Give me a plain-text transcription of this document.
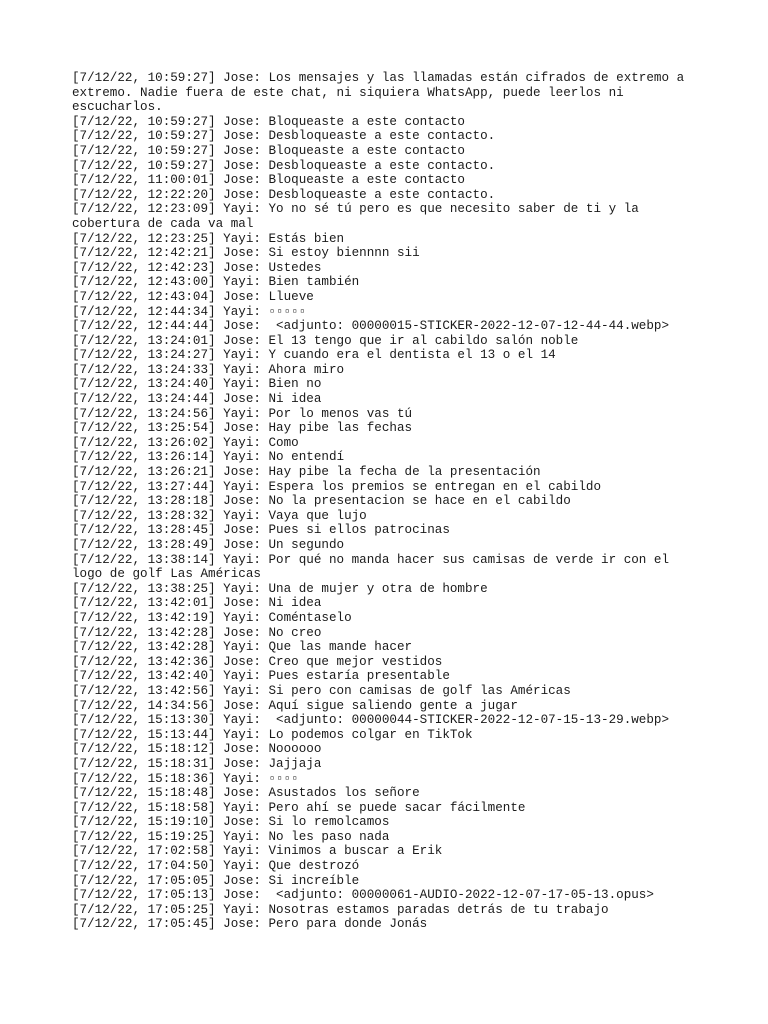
[7/12/22, 10:59:27] Jose: Los mensajes y las llamadas están cifrados de extremo a extremo. Nadie fuera de este chat, ni siquiera WhatsApp, puede leerlos ni escucharlos.
[7/12/22, 10:59:27] Jose: Bloqueaste a este contacto
[7/12/22, 10:59:27] Jose: Desbloqueaste a este contacto.
[7/12/22, 10:59:27] Jose: Bloqueaste a este contacto
[7/12/22, 10:59:27] Jose: Desbloqueaste a este contacto.
[7/12/22, 11:00:01] Jose: Bloqueaste a este contacto
[7/12/22, 12:22:20] Jose: Desbloqueaste a este contacto.
[7/12/22, 12:23:09] Yayi: Yo no sé tú pero es que necesito saber de ti y la cobertura de cada va mal
[7/12/22, 12:23:25] Yayi: Estás bien
[7/12/22, 12:42:21] Jose: Si estoy biennnn sii
[7/12/22, 12:42:23] Jose: Ustedes
[7/12/22, 12:43:00] Yayi: Bien también
[7/12/22, 12:43:04] Jose: Llueve
[7/12/22, 12:44:34] Yayi: ▫▫▫▫▫
[7/12/22, 12:44:44] Jose:  <adjunto: 00000015-STICKER-2022-12-07-12-44-44.webp>
[7/12/22, 13:24:01] Jose: El 13 tengo que ir al cabildo salón noble
[7/12/22, 13:24:27] Yayi: Y cuando era el dentista el 13 o el 14
[7/12/22, 13:24:33] Yayi: Ahora miro
[7/12/22, 13:24:40] Yayi: Bien no
[7/12/22, 13:24:44] Jose: Ni idea
[7/12/22, 13:24:56] Yayi: Por lo menos vas tú
[7/12/22, 13:25:54] Jose: Hay pibe las fechas
[7/12/22, 13:26:02] Yayi: Como
[7/12/22, 13:26:14] Yayi: No entendí
[7/12/22, 13:26:21] Jose: Hay pibe la fecha de la presentación
[7/12/22, 13:27:44] Yayi: Espera los premios se entregan en el cabildo
[7/12/22, 13:28:18] Jose: No la presentacion se hace en el cabildo
[7/12/22, 13:28:32] Yayi: Vaya que lujo
[7/12/22, 13:28:45] Jose: Pues si ellos patrocinas
[7/12/22, 13:28:49] Jose: Un segundo
[7/12/22, 13:38:14] Yayi: Por qué no manda hacer sus camisas de verde ir con el logo de golf Las Américas
[7/12/22, 13:38:25] Yayi: Una de mujer y otra de hombre
[7/12/22, 13:42:01] Jose: Ni idea
[7/12/22, 13:42:19] Yayi: Coméntaselo
[7/12/22, 13:42:28] Jose: No creo
[7/12/22, 13:42:28] Yayi: Que las mande hacer
[7/12/22, 13:42:36] Jose: Creo que mejor vestidos
[7/12/22, 13:42:40] Yayi: Pues estaría presentable
[7/12/22, 13:42:56] Yayi: Si pero con camisas de golf las Américas
[7/12/22, 14:34:56] Jose: Aquí sigue saliendo gente a jugar
[7/12/22, 15:13:30] Yayi:  <adjunto: 00000044-STICKER-2022-12-07-15-13-29.webp>
[7/12/22, 15:13:44] Yayi: Lo podemos colgar en TikTok
[7/12/22, 15:18:12] Jose: Noooooo
[7/12/22, 15:18:31] Jose: Jajjaja
[7/12/22, 15:18:36] Yayi: ▫▫▫▫
[7/12/22, 15:18:48] Jose: Asustados los señore
[7/12/22, 15:18:58] Yayi: Pero ahí se puede sacar fácilmente
[7/12/22, 15:19:10] Jose: Si lo remolcamos
[7/12/22, 15:19:25] Yayi: No les paso nada
[7/12/22, 17:02:58] Yayi: Vinimos a buscar a Erik
[7/12/22, 17:04:50] Yayi: Que destrozó
[7/12/22, 17:05:05] Jose: Si increíble
[7/12/22, 17:05:13] Jose:  <adjunto: 00000061-AUDIO-2022-12-07-17-05-13.opus>
[7/12/22, 17:05:25] Yayi: Nosotras estamos paradas detrás de tu trabajo
[7/12/22, 17:05:45] Jose: Pero para donde Jonás
